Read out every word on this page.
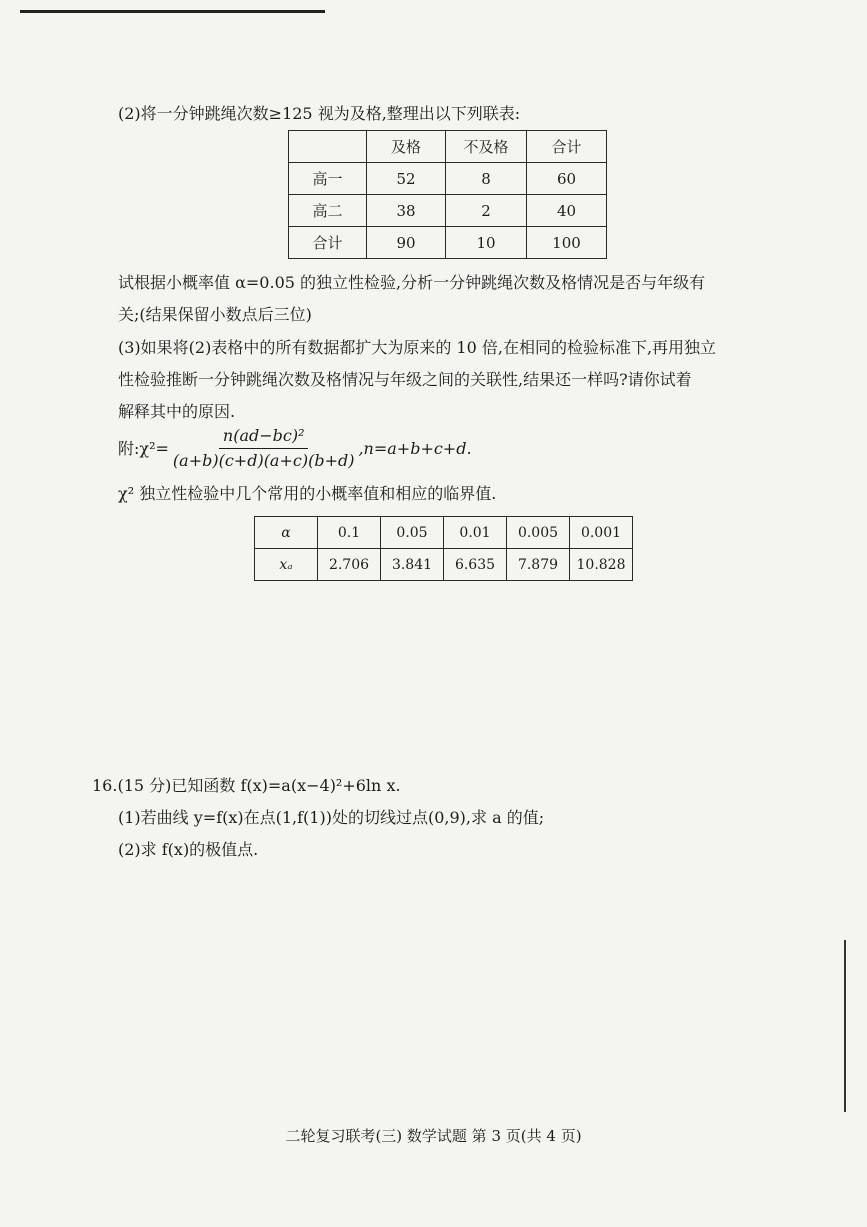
(2)将一分钟跳绳次数≥125 视为及格,整理出以下列联表:
	及格	不及格	合计
高一	52	8	60
高二	38	2	40
合计	90	10	100
试根据小概率值 α=0.05 的独立性检验,分析一分钟跳绳次数及格情况是否与年级有
关;(结果保留小数点后三位)
(3)如果将(2)表格中的所有数据都扩大为原来的 10 倍,在相同的检验标准下,再用独立
性检验推断一分钟跳绳次数及格情况与年级之间的关联性,结果还一样吗?请你试着
解释其中的原因.
附:χ²= $\frac{\text{n(ad−bc)²}}{(a+b)(c+d)(a+c)(b+d)} ,n=a+b+c+d$.
χ² 独立性检验中几个常用的小概率值和相应的临界值.
α	0.1	0.05	0.01	0.005	0.001
xₐ	2.706	3.841	6.635	7.879	10.828
16.(15 分)已知函数 f(x)=a(x−4)²+6ln x.
(1)若曲线 y=f(x)在点(1,f(1))处的切线过点(0,9),求 a 的值;
(2)求 f(x)的极值点.
二轮复习联考(三) 数学试题 第 3 页(共 4 页)
